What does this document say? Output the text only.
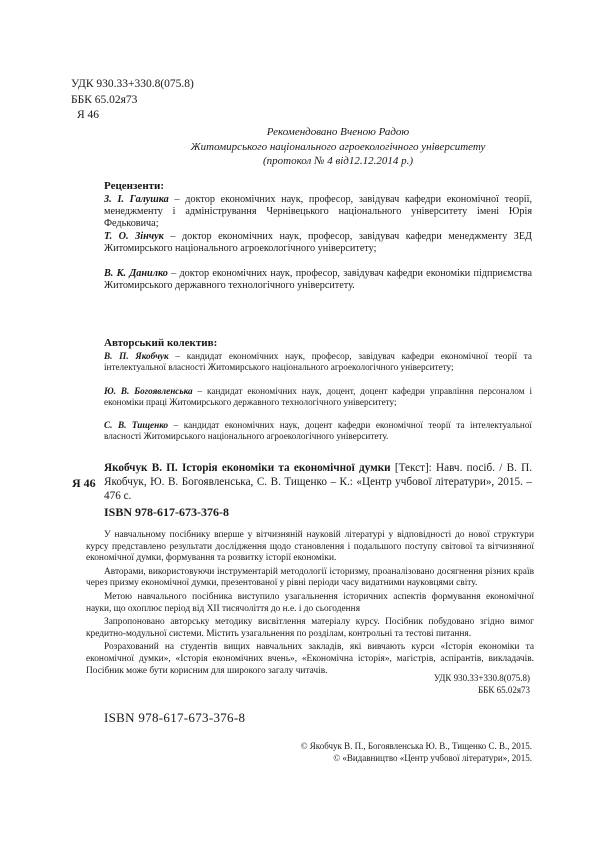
УДК 930.33+330.8(075.8)
ББК 65.02я73
Я 46
Рекомендовано Вченою Радою
Житомирського національного агроекологічного університету
(протокол № 4 від12.12.2014 р.)
Рецензенти:
З. І. Галушка – доктор економічних наук, професор, завідувач кафедри економічної теорії, менеджменту і адміністрування Чернівецького національного університету імені Юрія Федьковича;
Т. О. Зінчук – доктор економічних наук, професор, завідувач кафедри менеджменту ЗЕД Житомирського національного агроекологічного університету;
В. К. Данилко – доктор економічних наук, професор, завідувач кафедри економіки підприємства Житомирського державного технологічного університету.
Авторський колектив:
В. П. Якобчук – кандидат економічних наук, професор, завідувач кафедри економічної теорії та інтелектуальної власності Житомирського національного агроекологічного університету;
Ю. В. Богоявленська – кандидат економічних наук, доцент, доцент кафедри управління персоналом і економіки праці Житомирського державного технологічного університету;
С. В. Тищенко – кандидат економічних наук, доцент кафедри економічної теорії та інтелектуальної власності Житомирського національного агроекологічного університету.
Я 46
Якобчук В. П. Історія економіки та економічної думки [Текст]: Навч. посіб. / В. П. Якобчук, Ю. В. Богоявленська, С. В. Тищенко – К.: «Центр учбової літератури», 2015. – 476 с.
ISBN 978-617-673-376-8

У навчальному посібнику вперше у вітчизняній науковій літературі у відповідності до нової структури курсу представлено результати дослідження щодо становлення і подальшого поступу світової та вітчизняної економічної думки, формування та розвитку історії економіки.

Авторами, використовуючи інструментарій методології історизму, проаналізовано досягнення різних країв через призму економічної думки, презентованої у рівні періоди часу видатними науковцями світу.

Метою навчального посібника виступило узагальнення історичних аспектів формування економічної науки, що охоплює період від XII тисячоліття до н.е. і до сьогодення

Запропоновано авторську методику висвітлення матеріалу курсу. Посібник побудовано згідно вимог кредитно-модульної системи. Містить узагальнення по розділам, контрольні та тестові питання.

Розрахований на студентів вищих навчальних закладів, які вивчають курси «Історія економіки та економічної думки», «Історія економічних вчень», «Економічна історія», магістрів, аспірантів, викладачів. Посібник може бути корисним для широкого загалу читачів.

УДК 930.33+330.8(075.8)
ББК 65.02я73
ISBN 978-617-673-376-8
© Якобчук В. П., Богоявленська Ю. В., Тищенко С. В., 2015.
© «Видавництво «Центр учбової літератури», 2015.
